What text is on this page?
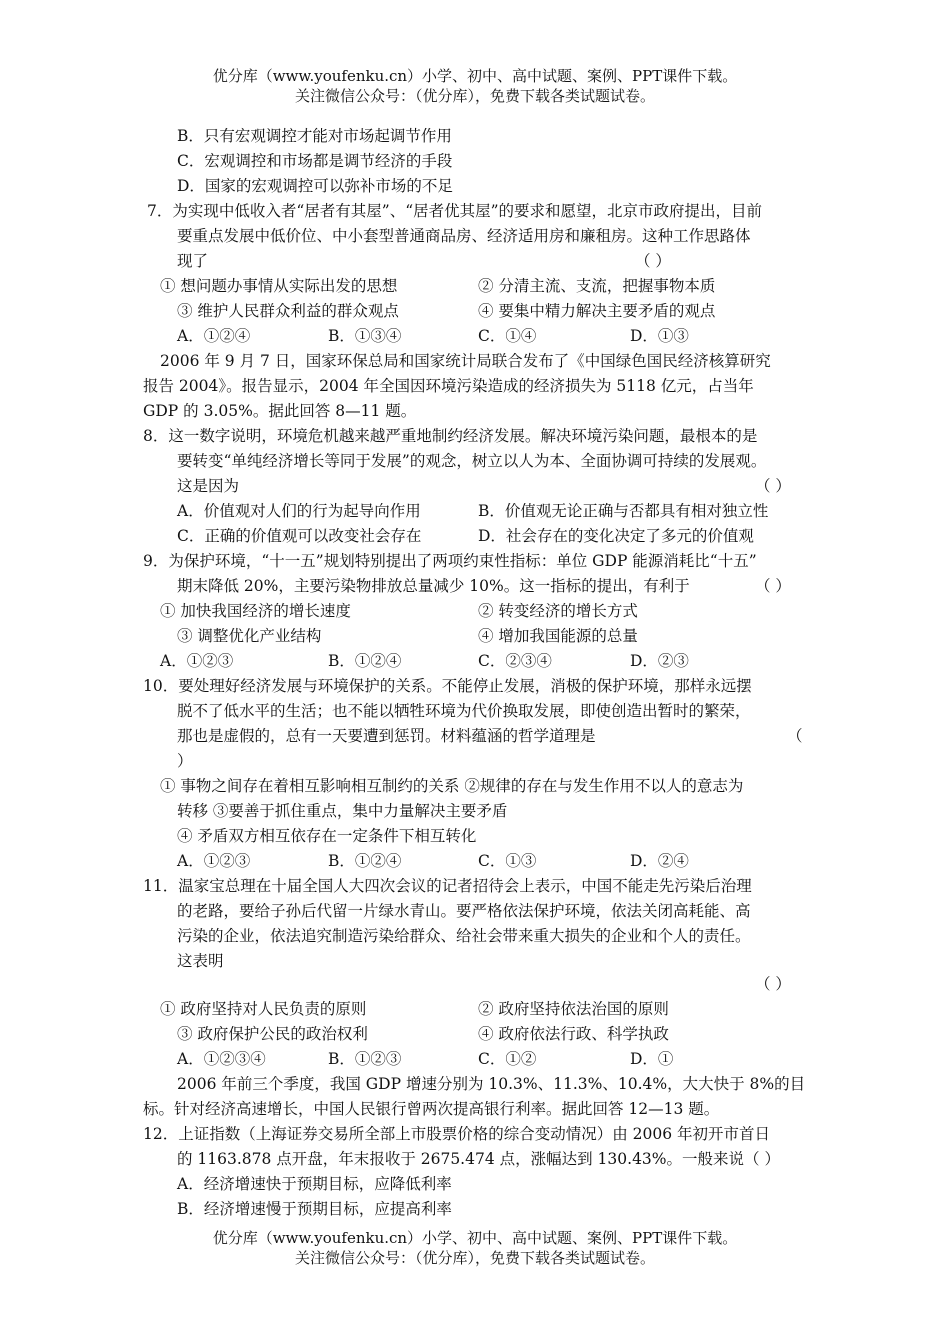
优分库（www.youfenku.cn）小学、初中、高中试题、案例、PPT课件下载。
关注微信公众号：（优分库），免费下载各类试题试卷。
B．只有宏观调控才能对市场起调节作用
C．宏观调控和市场都是调节经济的手段
D．国家的宏观调控可以弥补市场的不足
7．为实现中低收入者“居者有其屋”、“居者优其屋”的要求和愿望，北京市政府提出，目前
要重点发展中低价位、中小套型普通商品房、经济适用房和廉租房。这种工作思路体
现了	（ ）
① 想问题办事情从实际出发的思想	② 分清主流、支流，把握事物本质
③ 维护人民群众利益的群众观点	④ 要集中精力解决主要矛盾的观点
A．①②④	B．①③④	C．①④	D．①③
2006 年 9 月 7 日，国家环保总局和国家统计局联合发布了《中国绿色国民经济核算研究
报告 2004》。报告显示，2004 年全国因环境污染造成的经济损失为 5118 亿元，占当年
GDP 的 3.05%。据此回答 8—11 题。
8．这一数字说明，环境危机越来越严重地制约经济发展。解决环境污染问题，最根本的是
要转变“单纯经济增长等同于发展”的观念，树立以人为本、全面协调可持续的发展观。
这是因为	（ ）
A．价值观对人们的行为起导向作用	B．价值观无论正确与否都具有相对独立性
C．正确的价值观可以改变社会存在	D．社会存在的变化决定了多元的价值观
9．为保护环境，“十一五”规划特别提出了两项约束性指标：单位 GDP 能源消耗比“十五”
期末降低 20%，主要污染物排放总量减少 10%。这一指标的提出，有利于	（ ）
① 加快我国经济的增长速度	② 转变经济的增长方式
③ 调整优化产业结构	④ 增加我国能源的总量
A．①②③	B．①②④	C．②③④	D．②③
10．要处理好经济发展与环境保护的关系。不能停止发展，消极的保护环境，那样永远摆
脱不了低水平的生活；也不能以牺牲环境为代价换取发展，即使创造出暂时的繁荣，
那也是虚假的，总有一天要遭到惩罚。材料蕴涵的哲学道理是	（
）
① 事物之间存在着相互影响相互制约的关系 ②规律的存在与发生作用不以人的意志为
转移 ③要善于抓住重点，集中力量解决主要矛盾
④ 矛盾双方相互依存在一定条件下相互转化
A．①②③	B．①②④	C．①③	D．②④
11．温家宝总理在十届全国人大四次会议的记者招待会上表示，中国不能走先污染后治理
的老路，要给子孙后代留一片绿水青山。要严格依法保护环境，依法关闭高耗能、高
污染的企业，依法追究制造污染给群众、给社会带来重大损失的企业和个人的责任。
这表明
（ ）
① 政府坚持对人民负责的原则	② 政府坚持依法治国的原则
③ 政府保护公民的政治权利	④ 政府依法行政、科学执政
A．①②③④	B．①②③	C．①②	D．①
2006 年前三个季度，我国 GDP 增速分别为 10.3%、11.3%、10.4%，大大快于 8%的目
标。针对经济高速增长，中国人民银行曾两次提高银行利率。据此回答 12—13 题。
12．上证指数（上海证券交易所全部上市股票价格的综合变动情况）由 2006 年初开市首日
的 1163.878 点开盘，年末报收于 2675.474 点，涨幅达到 130.43%。一般来说（ ）
A．经济增速快于预期目标，应降低利率
B．经济增速慢于预期目标，应提高利率
优分库（www.youfenku.cn）小学、初中、高中试题、案例、PPT课件下载。
关注微信公众号：（优分库），免费下载各类试题试卷。
